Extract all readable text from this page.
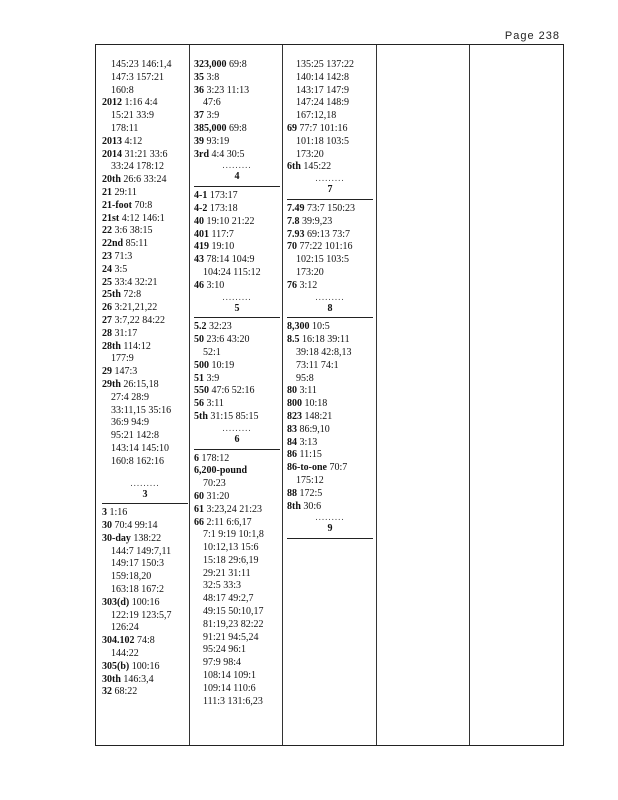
Page 238
145:23 146:1,4
147:3 157:21
160:8
2012 1:16 4:4
15:21 33:9
178:11
2013 4:12
2014 31:21 33:6
33:24 178:12
20th 26:6 33:24
21 29:11
21-foot 70:8
21st 4:12 146:1
22 3:6 38:15
22nd 85:11
23 71:3
24 3:5
25 33:4 32:21
25th 72:8
26 3:21,21,22
27 3:7,22 84:22
28 31:17
28th 114:12
177:9
29 147:3
29th 26:15,18
27:4 28:9
33:11,15 35:16
36:9 94:9
95:21 142:8
143:14 145:10
160:8 162:16
.........
3
3 1:16
30 70:4 99:14
30-day 138:22
144:7 149:7,11
149:17 150:3
159:18,20
163:18 167:2
303(d) 100:16
122:19 123:5,7
126:24
304.102 74:8
144:22
305(b) 100:16
30th 146:3,4
32 68:22
323,000 69:8
35 3:8
36 3:23 11:13
47:6
37 3:9
385,000 69:8
39 93:19
3rd 4:4 30:5
.........
4
4-1 173:17
4-2 173:18
40 19:10 21:22
401 117:7
419 19:10
43 78:14 104:9
104:24 115:12
46 3:10
.........
5
5.2 32:23
50 23:6 43:20
52:1
500 10:19
51 3:9
550 47:6 52:16
56 3:11
5th 31:15 85:15
.........
6
6 178:12
6,200-pound
70:23
60 31:20
61 3:23,24 21:23
66 2:11 6:6,17
7:1 9:19 10:1,8
10:12,13 15:6
15:18 29:6,19
29:21 31:11
32:5 33:3
48:17 49:2,7
49:15 50:10,17
81:19,23 82:22
91:21 94:5,24
95:24 96:1
97:9 98:4
108:14 109:1
109:14 110:6
111:3 131:6,23
135:25 137:22
140:14 142:8
143:17 147:9
147:24 148:9
167:12,18
69 77:7 101:16
101:18 103:5
173:20
6th 145:22
.........
7
7.49 73:7 150:23
7.8 39:9,23
7.93 69:13 73:7
70 77:22 101:16
102:15 103:5
173:20
76 3:12
.........
8
8,300 10:5
8.5 16:18 39:11
39:18 42:8,13
73:11 74:1
95:8
80 3:11
800 10:18
823 148:21
83 86:9,10
84 3:13
86 11:15
86-to-one 70:7
175:12
88 172:5
8th 30:6
.........
9
